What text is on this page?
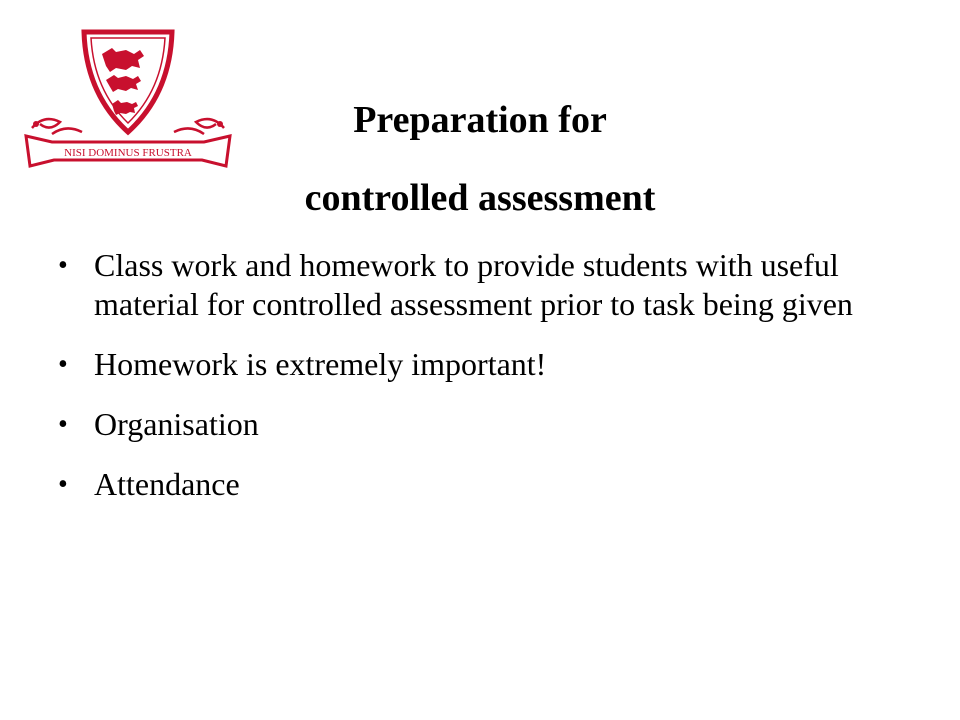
NISI DOMINUS FRUSTRA
Preparation for
controlled assessment
• Class work and homework to provide students with useful material for controlled assessment prior to task being given
• Homework is extremely important!
• Organisation
• Attendance
